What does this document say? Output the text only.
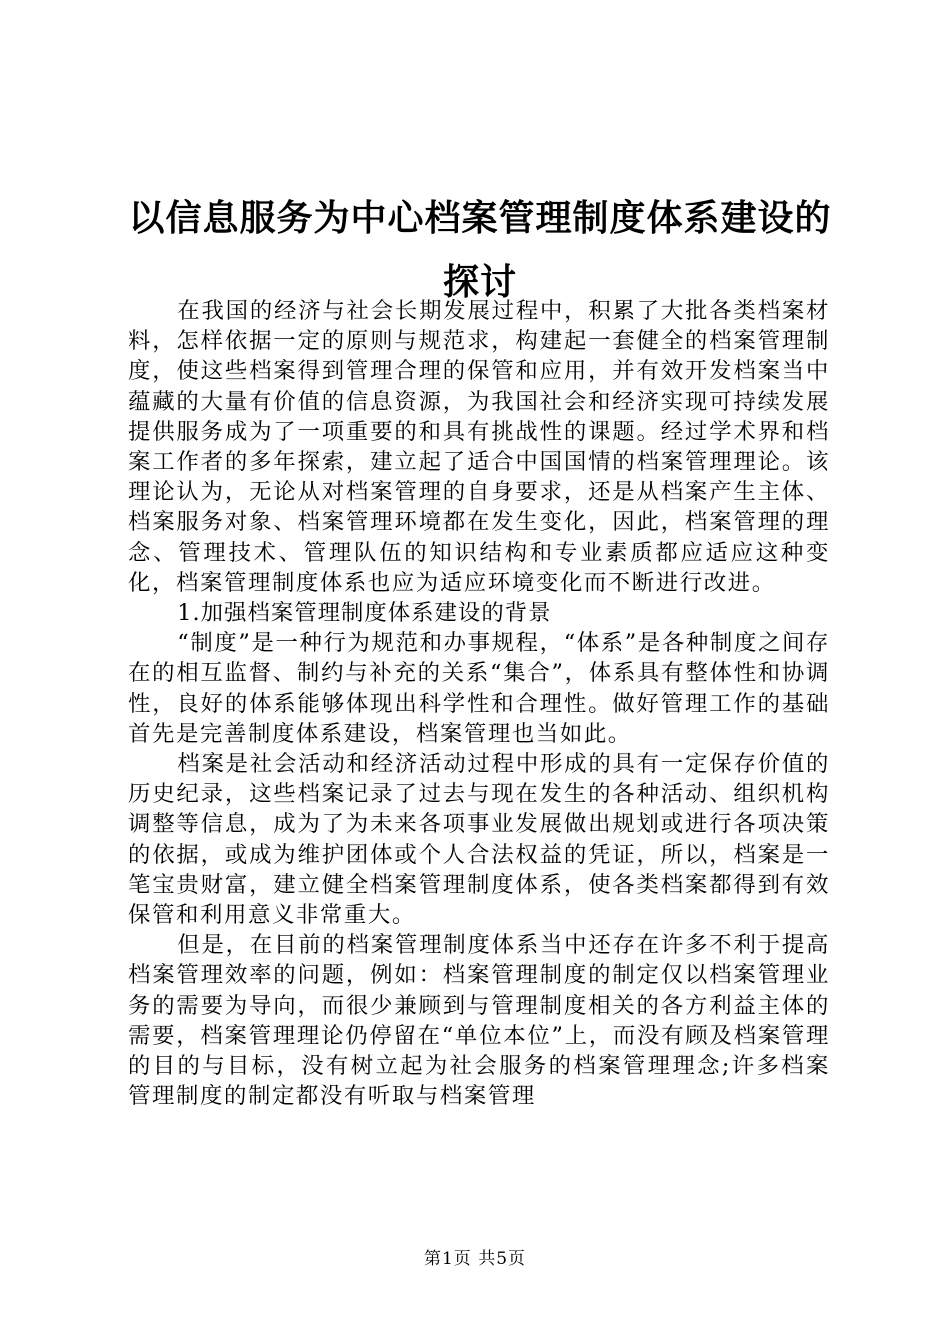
以信息服务为中心档案管理制度体系建设的探讨

在我国的经济与社会长期发展过程中，积累了大批各类档案材料，怎样依据一定的原则与规范求，构建起一套健全的档案管理制度，使这些档案得到管理合理的保管和应用，并有效开发档案当中蕴藏的大量有价值的信息资源，为我国社会和经济实现可持续发展提供服务成为了一项重要的和具有挑战性的课题。经过学术界和档案工作者的多年探索，建立起了适合中国国情的档案管理理论。该理论认为，无论从对档案管理的自身要求，还是从档案产生主体、档案服务对象、档案管理环境都在发生变化，因此，档案管理的理念、管理技术、管理队伍的知识结构和专业素质都应适应这种变化，档案管理制度体系也应为适应环境变化而不断进行改进。

1.加强档案管理制度体系建设的背景

“制度”是一种行为规范和办事规程，“体系”是各种制度之间存在的相互监督、制约与补充的关系“集合”，体系具有整体性和协调性，良好的体系能够体现出科学性和合理性。做好管理工作的基础首先是完善制度体系建设，档案管理也当如此。

档案是社会活动和经济活动过程中形成的具有一定保存价值的历史纪录，这些档案记录了过去与现在发生的各种活动、组织机构调整等信息，成为了为未来各项事业发展做出规划或进行各项决策的依据，或成为维护团体或个人合法权益的凭证，所以，档案是一笔宝贵财富，建立健全档案管理制度体系，使各类档案都得到有效保管和利用意义非常重大。

但是，在目前的档案管理制度体系当中还存在许多不利于提高档案管理效率的问题，例如：档案管理制度的制定仅以档案管理业务的需要为导向，而很少兼顾到与管理制度相关的各方利益主体的需要，档案管理理论仍停留在“单位本位”上，而没有顾及档案管理的目的与目标，没有树立起为社会服务的档案管理理念;许多档案管理制度的制定都没有听取与档案管理

第1页 共5页
